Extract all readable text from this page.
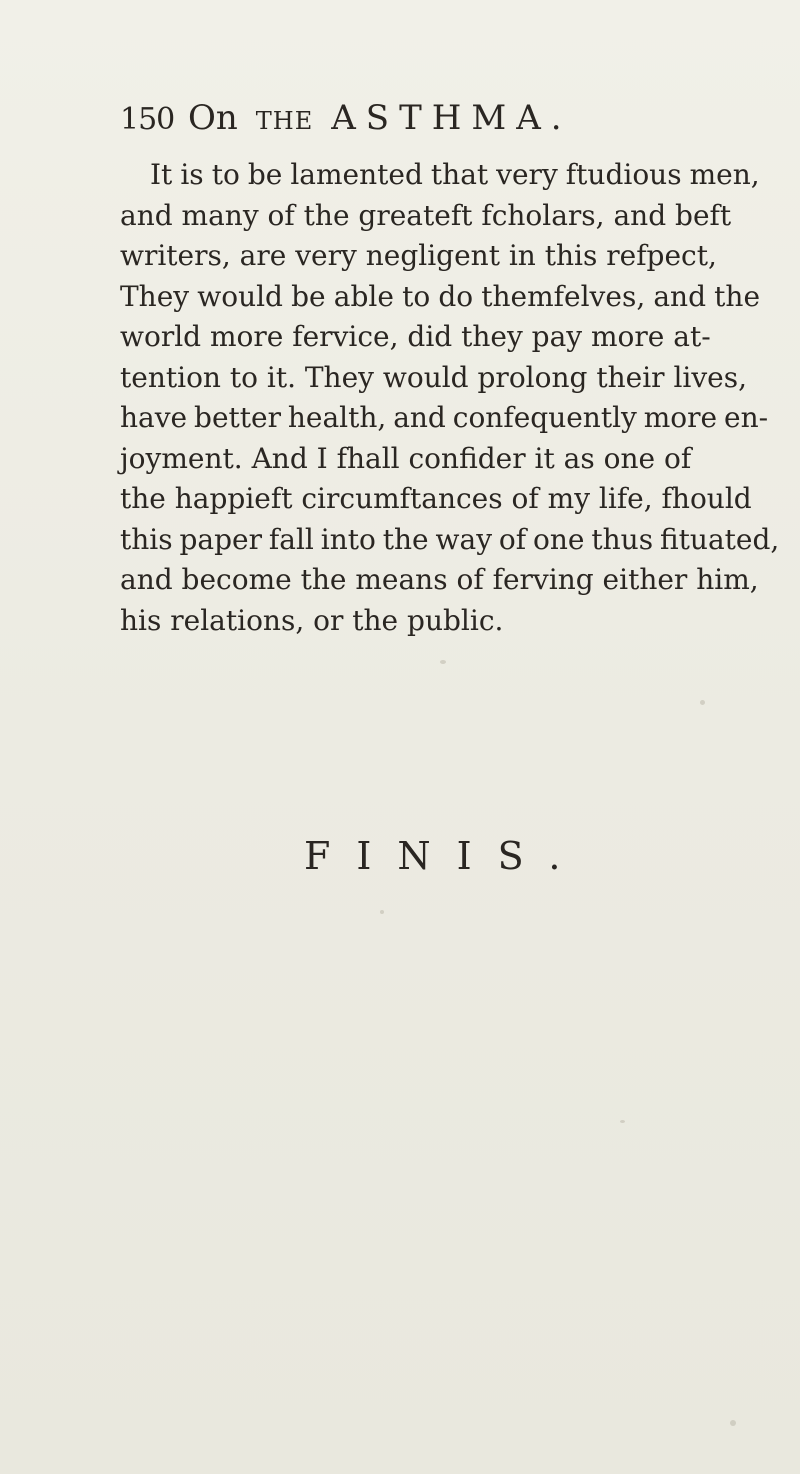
150 On THE ASTHMA.
It is to be lamented that very ftudious men,
and many of the greateft fcholars, and beft
writers, are very negligent in this refpect,
They would be able to do themfelves, and the
world more fervice, did they pay more at-
tention to it. They would prolong their lives,
have better health, and confequently more en-
joyment. And I fhall confider it as one of
the happieft circumftances of my life, fhould
this paper fall into the way of one thus fituated,
and become the means of ferving either him,
his relations, or the public.
FINIS.
